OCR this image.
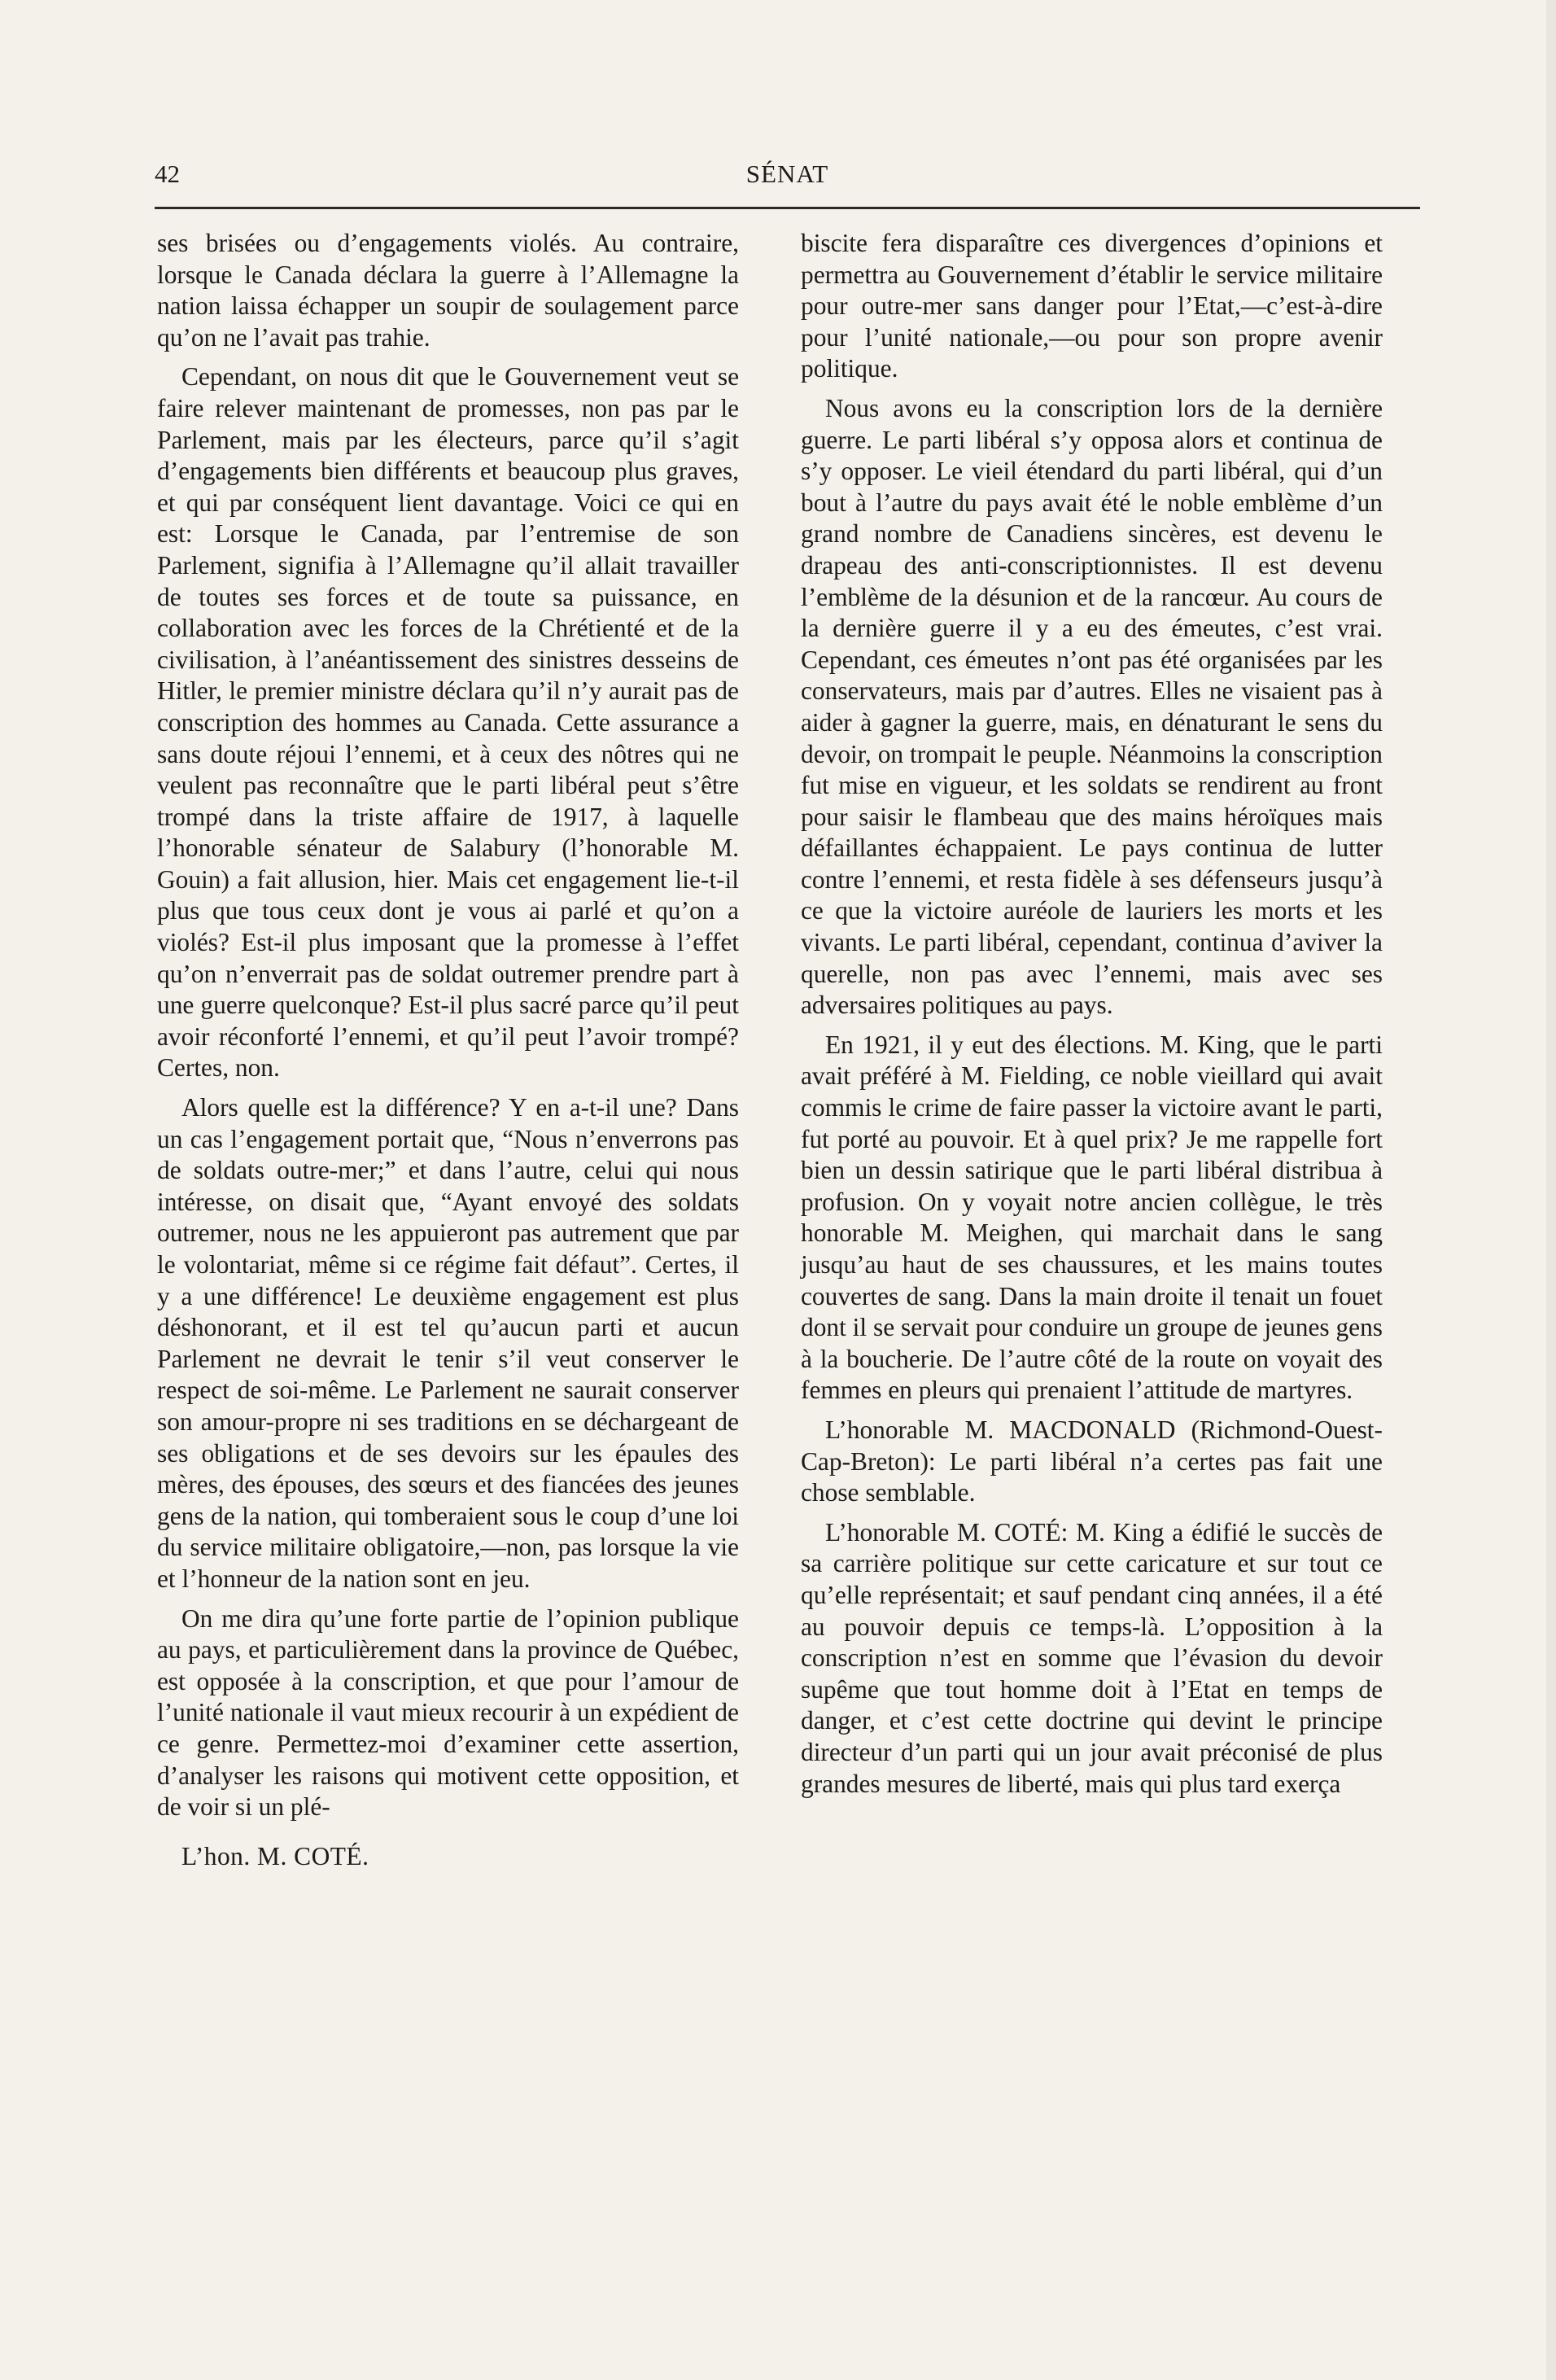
42	SÉNAT

ses brisées ou d’engagements violés. Au contraire, lorsque le Canada déclara la guerre à l’Allemagne la nation laissa échapper un soupir de soulagement parce qu’on ne l’avait pas trahie.

Cependant, on nous dit que le Gouvernement veut se faire relever maintenant de promesses, non pas par le Parlement, mais par les électeurs, parce qu’il s’agit d’engagements bien différents et beaucoup plus graves, et qui par conséquent lient davantage. Voici ce qui en est: Lorsque le Canada, par l’entremise de son Parlement, signifia à l’Allemagne qu’il allait travailler de toutes ses forces et de toute sa puissance, en collaboration avec les forces de la Chrétienté et de la civilisation, à l’anéantissement des sinistres desseins de Hitler, le premier ministre déclara qu’il n’y aurait pas de conscription des hommes au Canada. Cette assurance a sans doute réjoui l’ennemi, et à ceux des nôtres qui ne veulent pas reconnaître que le parti libéral peut s’être trompé dans la triste affaire de 1917, à laquelle l’honorable sénateur de Salabury (l’honorable M. Gouin) a fait allusion, hier. Mais cet engagement lie-t-il plus que tous ceux dont je vous ai parlé et qu’on a violés? Est-il plus imposant que la promesse à l’effet qu’on n’enverrait pas de soldat outremer prendre part à une guerre quelconque? Est-il plus sacré parce qu’il peut avoir réconforté l’ennemi, et qu’il peut l’avoir trompé? Certes, non.

Alors quelle est la différence? Y en a-t-il une? Dans un cas l’engagement portait que, “Nous n’enverrons pas de soldats outre-mer;” et dans l’autre, celui qui nous intéresse, on disait que, “Ayant envoyé des soldats outremer, nous ne les appuieront pas autrement que par le volontariat, même si ce régime fait défaut”. Certes, il y a une différence! Le deuxième engagement est plus déshonorant, et il est tel qu’aucun parti et aucun Parlement ne devrait le tenir s’il veut conserver le respect de soi-même. Le Parlement ne saurait conserver son amour-propre ni ses traditions en se déchargeant de ses obligations et de ses devoirs sur les épaules des mères, des épouses, des sœurs et des fiancées des jeunes gens de la nation, qui tomberaient sous le coup d’une loi du service militaire obligatoire,—non, pas lorsque la vie et l’honneur de la nation sont en jeu.

On me dira qu’une forte partie de l’opinion publique au pays, et particulièrement dans la province de Québec, est opposée à la conscription, et que pour l’amour de l’unité nationale il vaut mieux recourir à un expédient de ce genre. Permettez-moi d’examiner cette assertion, d’analyser les raisons qui motivent cette opposition, et de voir si un plé-

L’hon. M. COTÉ.

biscite fera disparaître ces divergences d’opinions et permettra au Gouvernement d’établir le service militaire pour outre-mer sans danger pour l’Etat,—c’est-à-dire pour l’unité nationale,—ou pour son propre avenir politique.

Nous avons eu la conscription lors de la dernière guerre. Le parti libéral s’y opposa alors et continua de s’y opposer. Le vieil étendard du parti libéral, qui d’un bout à l’autre du pays avait été le noble emblème d’un grand nombre de Canadiens sincères, est devenu le drapeau des anti-conscriptionnistes. Il est devenu l’emblème de la désunion et de la rancœur. Au cours de la dernière guerre il y a eu des émeutes, c’est vrai. Cependant, ces émeutes n’ont pas été organisées par les conservateurs, mais par d’autres. Elles ne visaient pas à aider à gagner la guerre, mais, en dénaturant le sens du devoir, on trompait le peuple. Néanmoins la conscription fut mise en vigueur, et les soldats se rendirent au front pour saisir le flambeau que des mains héroïques mais défaillantes échappaient. Le pays continua de lutter contre l’ennemi, et resta fidèle à ses défenseurs jusqu’à ce que la victoire auréole de lauriers les morts et les vivants. Le parti libéral, cependant, continua d’aviver la querelle, non pas avec l’ennemi, mais avec ses adversaires politiques au pays.

En 1921, il y eut des élections. M. King, que le parti avait préféré à M. Fielding, ce noble vieillard qui avait commis le crime de faire passer la victoire avant le parti, fut porté au pouvoir. Et à quel prix? Je me rappelle fort bien un dessin satirique que le parti libéral distribua à profusion. On y voyait notre ancien collègue, le très honorable M. Meighen, qui marchait dans le sang jusqu’au haut de ses chaussures, et les mains toutes couvertes de sang. Dans la main droite il tenait un fouet dont il se servait pour conduire un groupe de jeunes gens à la boucherie. De l’autre côté de la route on voyait des femmes en pleurs qui prenaient l’attitude de martyres.

L’honorable M. MACDONALD (Richmond-Ouest-Cap-Breton): Le parti libéral n’a certes pas fait une chose semblable.

L’honorable M. COTÉ: M. King a édifié le succès de sa carrière politique sur cette caricature et sur tout ce qu’elle représentait; et sauf pendant cinq années, il a été au pouvoir depuis ce temps-là. L’opposition à la conscription n’est en somme que l’évasion du devoir supême que tout homme doit à l’Etat en temps de danger, et c’est cette doctrine qui devint le principe directeur d’un parti qui un jour avait préconisé de plus grandes mesures de liberté, mais qui plus tard exerça
